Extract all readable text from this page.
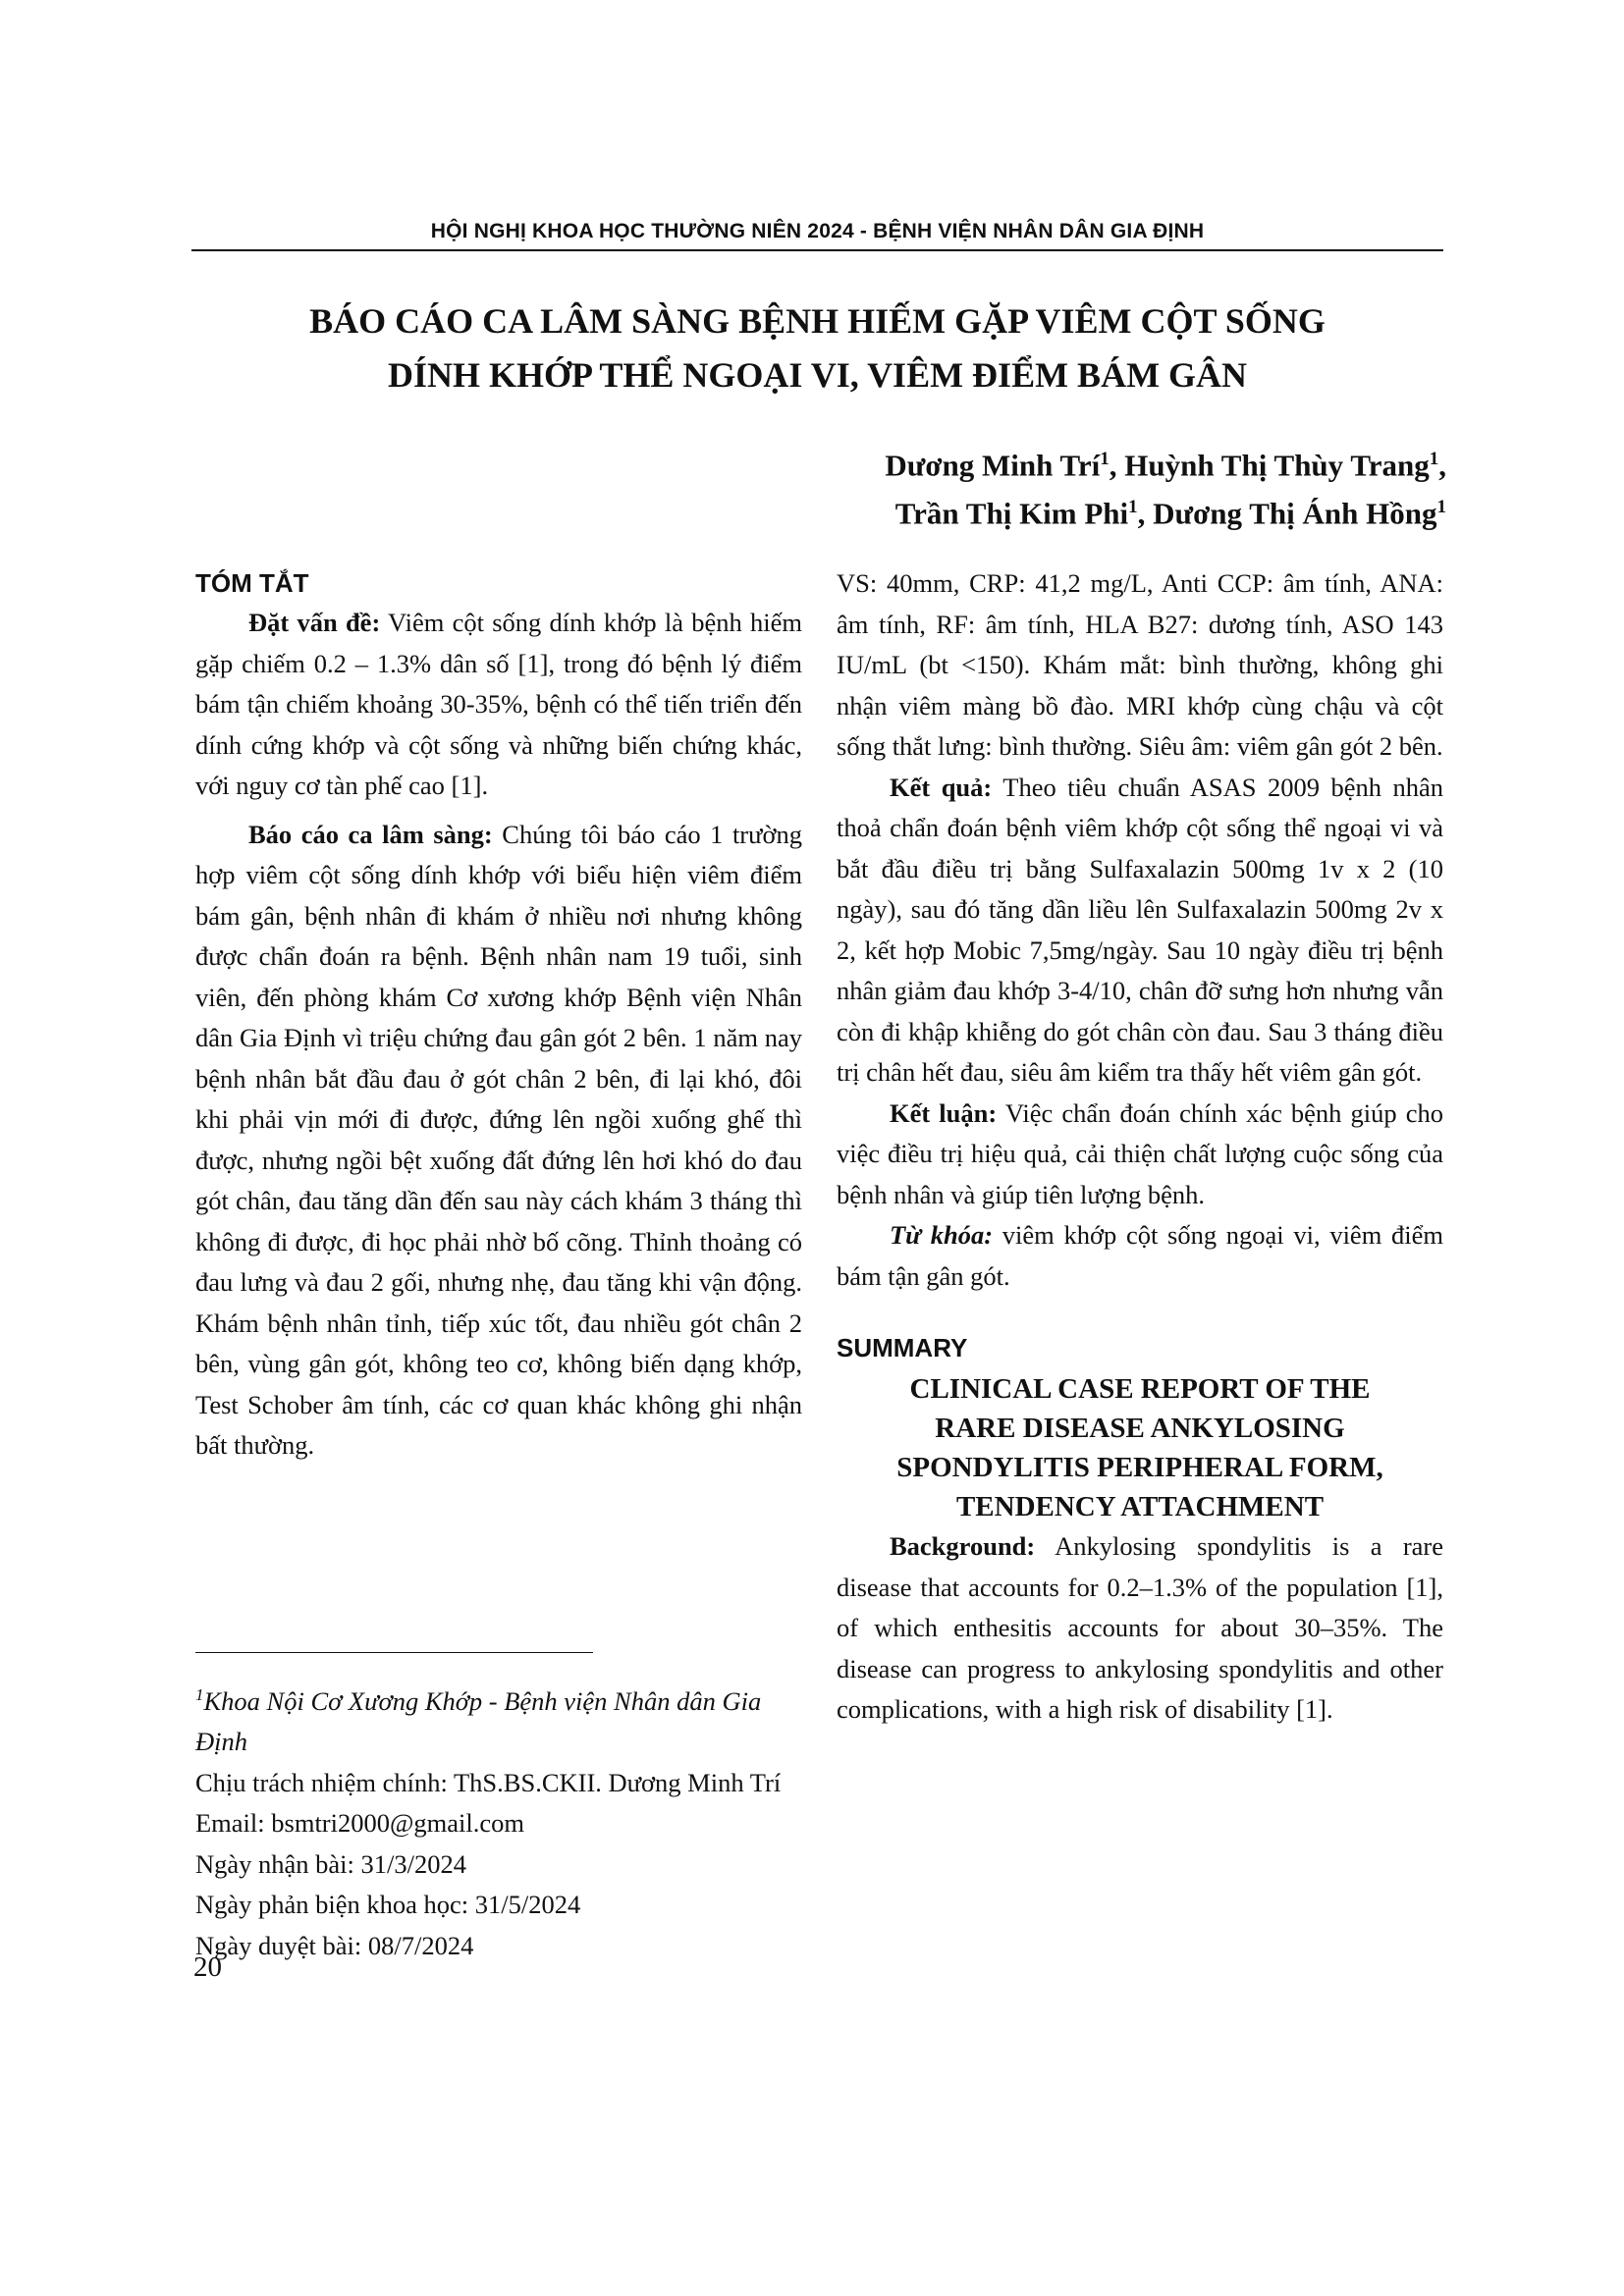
HỘI NGHỊ KHOA HỌC THƯỜNG NIÊN 2024 - BỆNH VIỆN NHÂN DÂN GIA ĐỊNH
BÁO CÁO CA LÂM SÀNG BỆNH HIẾM GẶP VIÊM CỘT SỐNG
DÍNH KHỚP THỂ NGOẠI VI, VIÊM ĐIỂM BÁM GÂN
Dương Minh Trí$^1$, Huỳnh Thị Thùy Trang$^1$,
Trần Thị Kim Phi$^1$, Dương Thị Ánh Hồng$^1$
TÓM TẮT

Đặt vấn đề: Viêm cột sống dính khớp là bệnh hiếm gặp chiếm 0.2 – 1.3% dân số [1], trong đó bệnh lý điểm bám tận chiếm khoảng 30-35%, bệnh có thể tiến triển đến dính cứng khớp và cột sống và những biến chứng khác, với nguy cơ tàn phế cao [1].

Báo cáo ca lâm sàng: Chúng tôi báo cáo 1 trường hợp viêm cột sống dính khớp với biểu hiện viêm điểm bám gân, bệnh nhân đi khám ở nhiều nơi nhưng không được chẩn đoán ra bệnh. Bệnh nhân nam 19 tuổi, sinh viên, đến phòng khám Cơ xương khớp Bệnh viện Nhân dân Gia Định vì triệu chứng đau gân gót 2 bên. 1 năm nay bệnh nhân bắt đầu đau ở gót chân 2 bên, đi lại khó, đôi khi phải vịn mới đi được, đứng lên ngồi xuống ghế thì được, nhưng ngồi bệt xuống đất đứng lên hơi khó do đau gót chân, đau tăng dần đến sau này cách khám 3 tháng thì không đi được, đi học phải nhờ bố cõng. Thỉnh thoảng có đau lưng và đau 2 gối, nhưng nhẹ, đau tăng khi vận động. Khám bệnh nhân tỉnh, tiếp xúc tốt, đau nhiều gót chân 2 bên, vùng gân gót, không teo cơ, không biến dạng khớp, Test Schober âm tính, các cơ quan khác không ghi nhận bất thường.

$^1$Khoa Nội Cơ Xương Khớp - Bệnh viện Nhân dân Gia Định
Chịu trách nhiệm chính: ThS.BS.CKII. Dương Minh Trí
Email: bsmtri2000@gmail.com
Ngày nhận bài: 31/3/2024
Ngày phản biện khoa học: 31/5/2024
Ngày duyệt bài: 08/7/2024

VS: 40mm, CRP: 41,2 mg/L, Anti CCP: âm tính, ANA: âm tính, RF: âm tính, HLA B27: dương tính, ASO 143 IU/mL (bt <150). Khám mắt: bình thường, không ghi nhận viêm màng bồ đào. MRI khớp cùng chậu và cột sống thắt lưng: bình thường. Siêu âm: viêm gân gót 2 bên.

Kết quả: Theo tiêu chuẩn ASAS 2009 bệnh nhân thoả chẩn đoán bệnh viêm khớp cột sống thể ngoại vi và bắt đầu điều trị bằng Sulfaxalazin 500mg 1v x 2 (10 ngày), sau đó tăng dần liều lên Sulfaxalazin 500mg 2v x 2, kết hợp Mobic 7,5mg/ngày. Sau 10 ngày điều trị bệnh nhân giảm đau khớp 3-4/10, chân đỡ sưng hơn nhưng vẫn còn đi khập khiễng do gót chân còn đau. Sau 3 tháng điều trị chân hết đau, siêu âm kiểm tra thấy hết viêm gân gót.

Kết luận: Việc chẩn đoán chính xác bệnh giúp cho việc điều trị hiệu quả, cải thiện chất lượng cuộc sống của bệnh nhân và giúp tiên lượng bệnh.

Từ khóa: viêm khớp cột sống ngoại vi, viêm điểm bám tận gân gót.

SUMMARY
CLINICAL CASE REPORT OF THE
RARE DISEASE ANKYLOSING
SPONDYLITIS PERIPHERAL FORM,
TENDENCY ATTACHMENT

Background: Ankylosing spondylitis is a rare disease that accounts for 0.2–1.3% of the population [1], of which enthesitis accounts for about 30–35%. The disease can progress to ankylosing spondylitis and other complications, with a high risk of disability [1].

20
